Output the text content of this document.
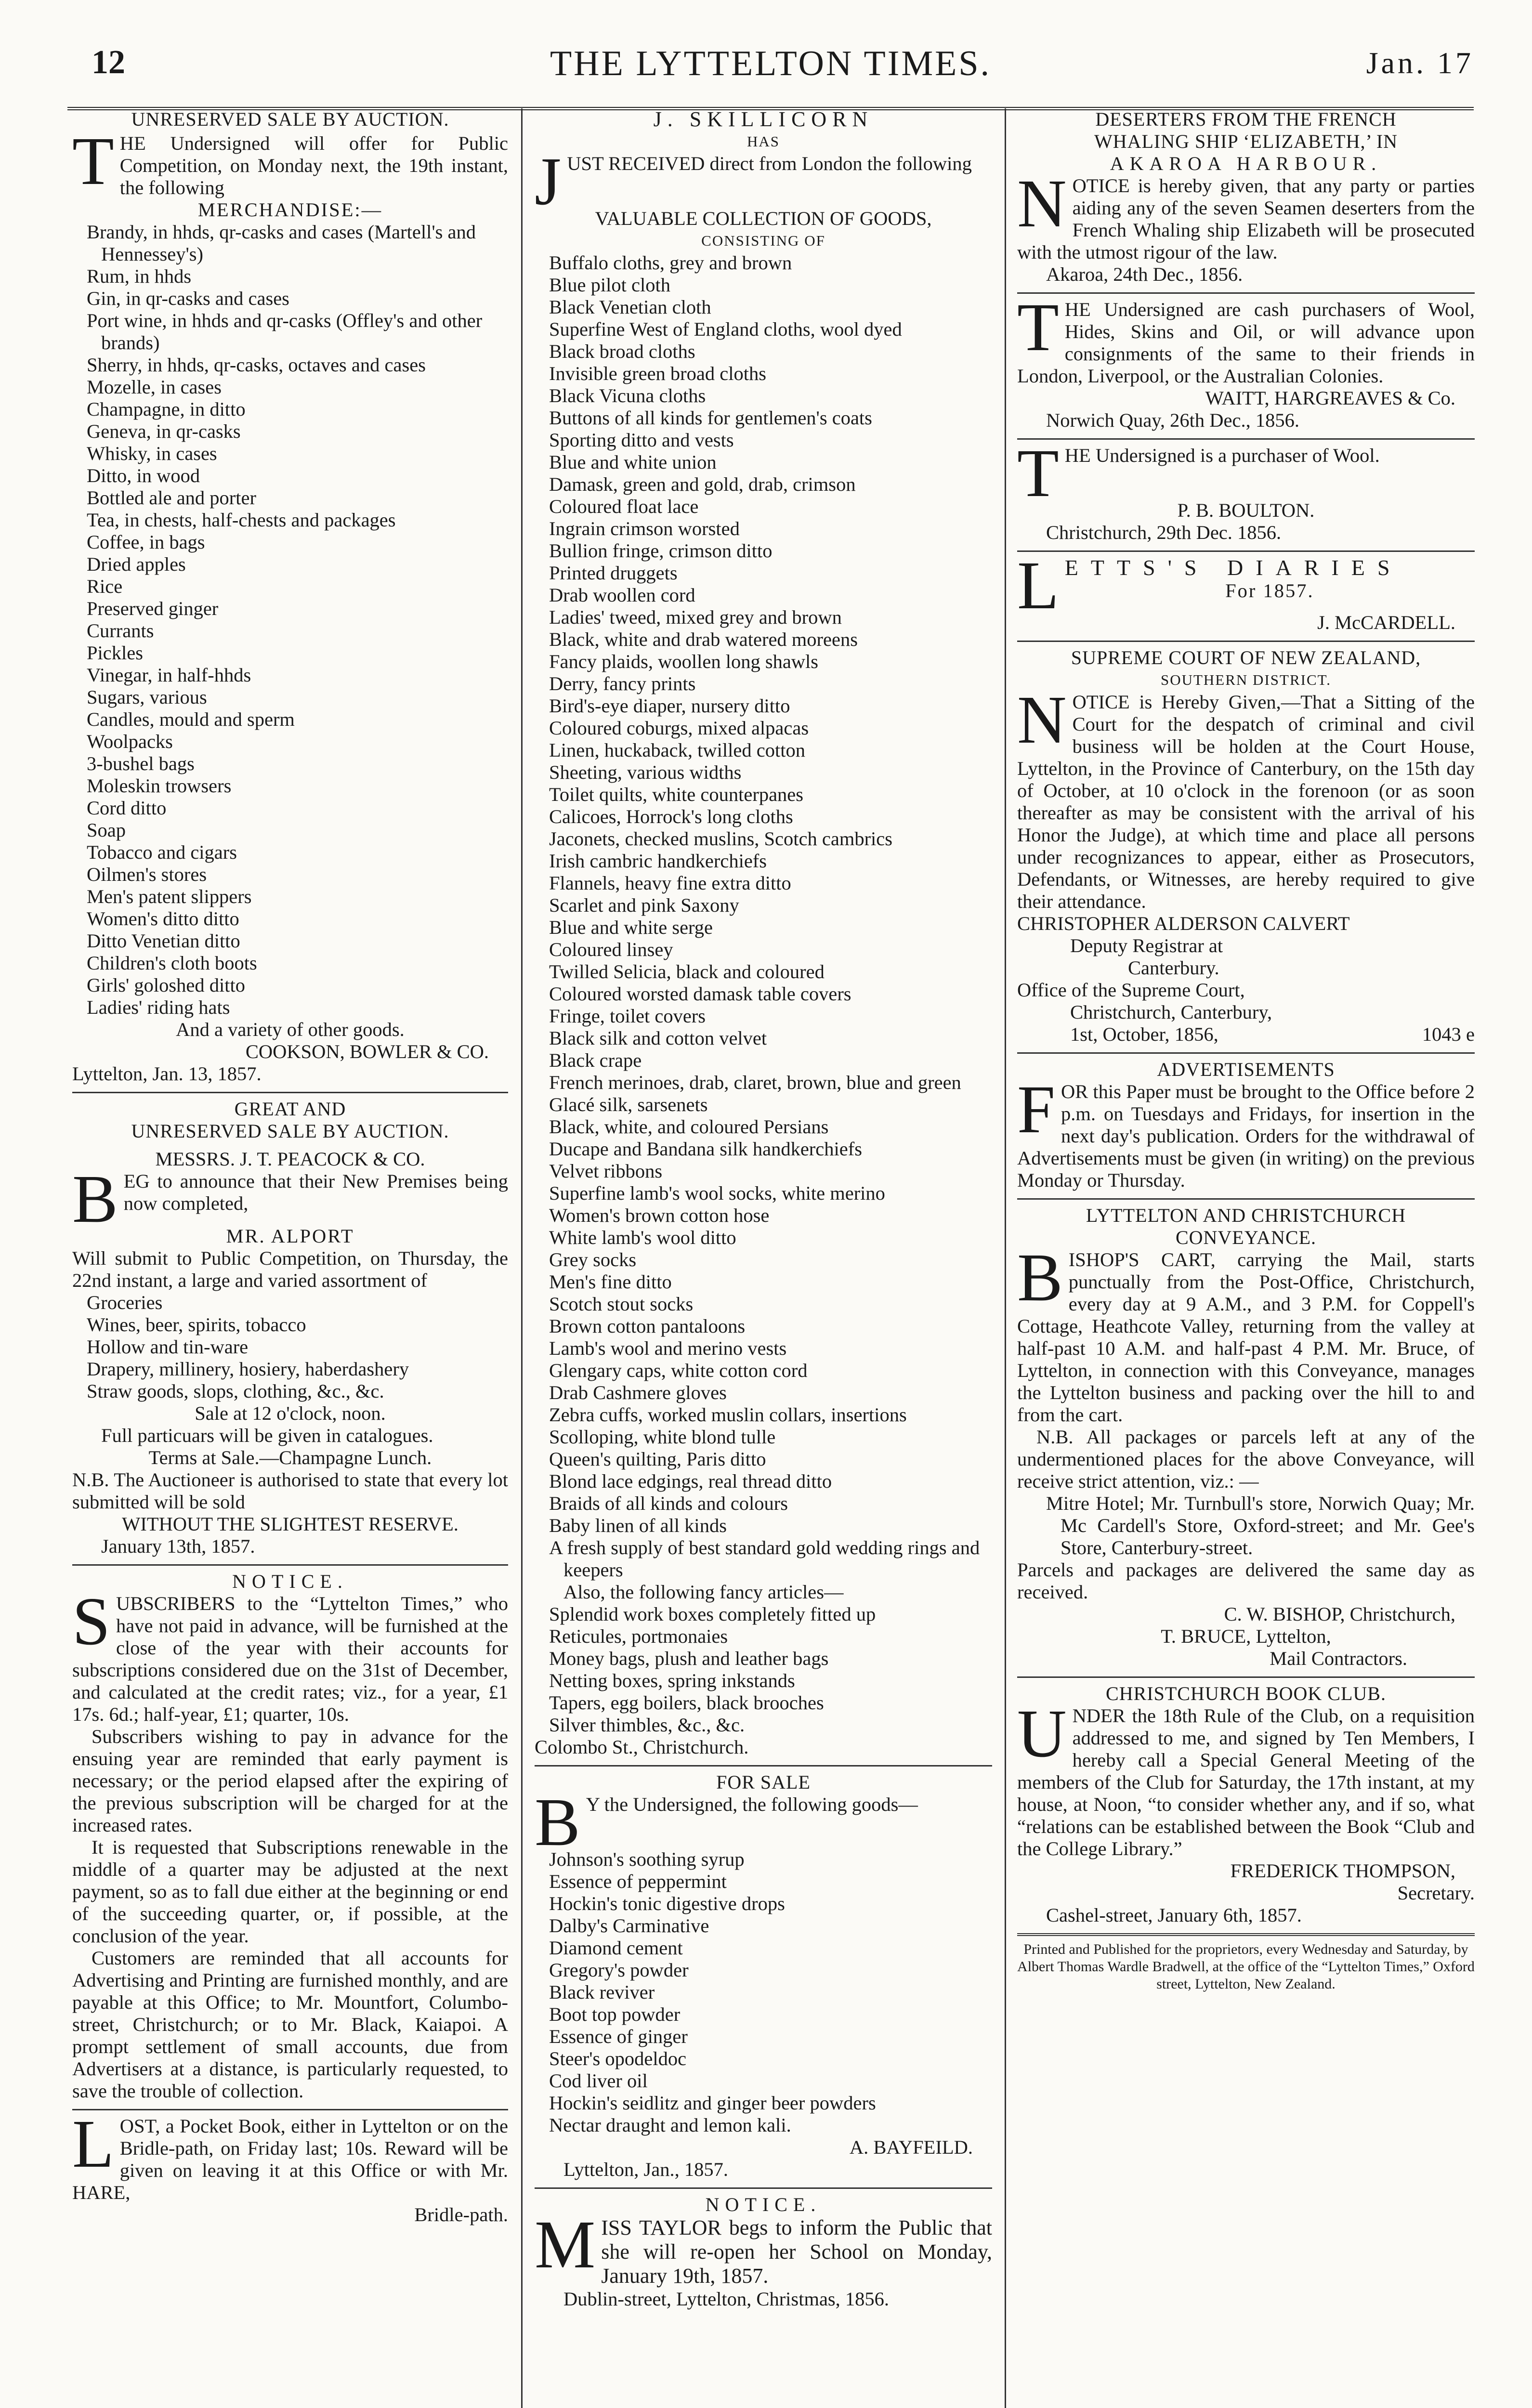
12	THE LYTTELTON TIMES.	Jan. 17
UNRESERVED SALE BY AUCTION.

THE Undersigned will offer for Public Competition, on Monday next, the 19th instant, the following

MERCHANDISE:—
Brandy, in hhds, qr-casks and cases (Martell's and Hennessey's)
Rum, in hhds
Gin, in qr-casks and cases
Port wine, in hhds and qr-casks (Offley's and other brands)
Sherry, in hhds, qr-casks, octaves and cases
Mozelle, in cases
Champagne, in ditto
Geneva, in qr-casks
Whisky, in cases
Ditto, in wood
Bottled ale and porter
Tea, in chests, half-chests and packages
Coffee, in bags
Dried apples
Rice
Preserved ginger
Currants
Pickles
Vinegar, in half-hhds
Sugars, various
Candles, mould and sperm
Woolpacks
3-bushel bags
Moleskin trowsers
Cord ditto
Soap
Tobacco and cigars
Oilmen's stores
Men's patent slippers
Women's ditto ditto
Ditto Venetian ditto
Children's cloth boots
Girls' goloshed ditto
Ladies' riding hats
And a variety of other goods.
COOKSON, BOWLER & CO.
Lyttelton, Jan. 13, 1857.
GREAT AND
UNRESERVED SALE BY AUCTION.
MESSRS. J. T. PEACOCK & CO.

BEG to announce that their New Premises being now completed,

MR. ALPORT

Will submit to Public Competition, on Thursday, the 22nd instant, a large and varied assortment of

Groceries
Wines, beer, spirits, tobacco
Hollow and tin-ware
Drapery, millinery, hosiery, haberdashery
Straw goods, slops, clothing, &c., &c.
Sale at 12 o'clock, noon.
Full particuars will be given in catalogues.
Terms at Sale.—Champagne Lunch.

N.B. The Auctioneer is authorised to state that every lot submitted will be sold

WITHOUT THE SLIGHTEST RESERVE.
January 13th, 1857.
NOTICE.

SUBSCRIBERS to the “Lyttelton Times,” who have not paid in advance, will be furnished at the close of the year with their accounts for subscriptions considered due on the 31st of December, and calculated at the credit rates; viz., for a year, £1 17s. 6d.; half-year, £1; quarter, 10s.

Subscribers wishing to pay in advance for the ensuing year are reminded that early payment is necessary; or the period elapsed after the expiring of the previous subscription will be charged for at the increased rates.

It is requested that Subscriptions renewable in the middle of a quarter may be adjusted at the next payment, so as to fall due either at the beginning or end of the succeeding quarter, or, if possible, at the conclusion of the year.

Customers are reminded that all accounts for Advertising and Printing are furnished monthly, and are payable at this Office; to Mr. Mountfort, Columbo-street, Christchurch; or to Mr. Black, Kaiapoi. A prompt settlement of small accounts, due from Advertisers at a distance, is particularly requested, to save the trouble of collection.

LOST, a Pocket Book, either in Lyttelton or on the Bridle-path, on Friday last; 10s. Reward will be given on leaving it at this Office or with Mr. HARE,

Bridle-path.
J. SKILLICORN
HAS

JUST RECEIVED direct from London the following

VALUABLE COLLECTION OF GOODS,
CONSISTING OF
Buffalo cloths, grey and brown
Blue pilot cloth
Black Venetian cloth
Superfine West of England cloths, wool dyed
Black broad cloths
Invisible green broad cloths
Black Vicuna cloths
Buttons of all kinds for gentlemen's coats
Sporting ditto and vests
Blue and white union
Damask, green and gold, drab, crimson
Coloured float lace
Ingrain crimson worsted
Bullion fringe, crimson ditto
Printed druggets
Drab woollen cord
Ladies' tweed, mixed grey and brown
Black, white and drab watered moreens
Fancy plaids, woollen long shawls
Derry, fancy prints
Bird's-eye diaper, nursery ditto
Coloured coburgs, mixed alpacas
Linen, huckaback, twilled cotton
Sheeting, various widths
Toilet quilts, white counterpanes
Calicoes, Horrock's long cloths
Jaconets, checked muslins, Scotch cambrics
Irish cambric handkerchiefs
Flannels, heavy fine extra ditto
Scarlet and pink Saxony
Blue and white serge
Coloured linsey
Twilled Selicia, black and coloured
Coloured worsted damask table covers
Fringe, toilet covers
Black silk and cotton velvet
Black crape
French merinoes, drab, claret, brown, blue and green
Glacé silk, sarsenets
Black, white, and coloured Persians
Ducape and Bandana silk handkerchiefs
Velvet ribbons
Superfine lamb's wool socks, white merino
Women's brown cotton hose
White lamb's wool ditto
Grey socks
Men's fine ditto
Scotch stout socks
Brown cotton pantaloons
Lamb's wool and merino vests
Glengary caps, white cotton cord
Drab Cashmere gloves
Zebra cuffs, worked muslin collars, insertions
Scolloping, white blond tulle
Queen's quilting, Paris ditto
Blond lace edgings, real thread ditto
Braids of all kinds and colours
Baby linen of all kinds
A fresh supply of best standard gold wedding rings and keepers
Also, the following fancy articles—
Splendid work boxes completely fitted up
Reticules, portmonaies
Money bags, plush and leather bags
Netting boxes, spring inkstands
Tapers, egg boilers, black brooches
Silver thimbles, &c., &c.
Colombo St., Christchurch.
FOR SALE

B Y the Undersigned, the following goods—

Johnson's soothing syrup
Essence of peppermint
Hockin's tonic digestive drops
Dalby's Carminative
Diamond cement
Gregory's powder
Black reviver
Boot top powder
Essence of ginger
Steer's opodeldoc
Cod liver oil
Hockin's seidlitz and ginger beer powders
Nectar draught and lemon kali.
A. BAYFEILD.
Lyttelton, Jan., 1857.
NOTICE.

MISS TAYLOR begs to inform the Public that she will re-open her School on Monday, January 19th, 1857.

Dublin-street, Lyttelton, Christmas, 1856.
DESERTERS FROM THE FRENCH
WHALING SHIP ‘ELIZABETH,’ IN
AKAROA HARBOUR.

NOTICE is hereby given, that any party or parties aiding any of the seven Seamen deserters from the French Whaling ship Elizabeth will be prosecuted with the utmost rigour of the law.

Akaroa, 24th Dec., 1856.

THE Undersigned are cash purchasers of Wool, Hides, Skins and Oil, or will advance upon consignments of the same to their friends in London, Liverpool, or the Australian Colonies.

WAITT, HARGREAVES & Co.
Norwich Quay, 26th Dec., 1856.

THE Undersigned is a purchaser of Wool.

P. B. BOULTON.
Christchurch, 29th Dec. 1856.
LETTS'S DIARIES
For 1857.
J. McCARDELL.
SUPREME COURT OF NEW ZEALAND,
SOUTHERN DISTRICT.

NOTICE is Hereby Given,—That a Sitting of the Court for the despatch of criminal and civil business will be holden at the Court House, Lyttelton, in the Province of Canterbury, on the 15th day of October, at 10 o'clock in the forenoon (or as soon thereafter as may be consistent with the arrival of his Honor the Judge), at which time and place all persons under recognizances to appear, either as Prosecutors, Defendants, or Witnesses, are hereby required to give their attendance.

CHRISTOPHER ALDERSON CALVERT
Deputy Registrar at
Canterbury.
Office of the Supreme Court,
Christchurch, Canterbury,
1st, October, 1856,	1043 e
ADVERTISEMENTS

FOR this Paper must be brought to the Office before 2 p.m. on Tuesdays and Fridays, for insertion in the next day's publication. Orders for the withdrawal of Advertisements must be given (in writing) on the previous Monday or Thursday.

LYTTELTON AND CHRISTCHURCH
CONVEYANCE.

BISHOP'S CART, carrying the Mail, starts punctually from the Post-Office, Christchurch, every day at 9 A.M., and 3 P.M. for Coppell's Cottage, Heathcote Valley, returning from the valley at half-past 10 A.M. and half-past 4 P.M. Mr. Bruce, of Lyttelton, in connection with this Conveyance, manages the Lyttelton business and packing over the hill to and from the cart.

N.B. All packages or parcels left at any of the undermentioned places for the above Conveyance, will receive strict attention, viz.: —

Mitre Hotel; Mr. Turnbull's store, Norwich Quay; Mr. Mc Cardell's Store, Oxford-street; and Mr. Gee's Store, Canterbury-street.

Parcels and packages are delivered the same day as received.

C. W. BISHOP, Christchurch,
T. BRUCE, Lyttelton,
Mail Contractors.
CHRISTCHURCH BOOK CLUB.

UNDER the 18th Rule of the Club, on a requisition addressed to me, and signed by Ten Members, I hereby call a Special General Meeting of the members of the Club for Saturday, the 17th instant, at my house, at Noon, “to consider whether any, and if so, what “relations can be established between the Book “Club and the College Library.”

FREDERICK THOMPSON,
Secretary.
Cashel-street, January 6th, 1857.
Printed and Published for the proprietors, every Wednesday and Saturday, by Albert Thomas Wardle Bradwell, at the office of the “Lyttelton Times,” Oxford street, Lyttelton, New Zealand.
